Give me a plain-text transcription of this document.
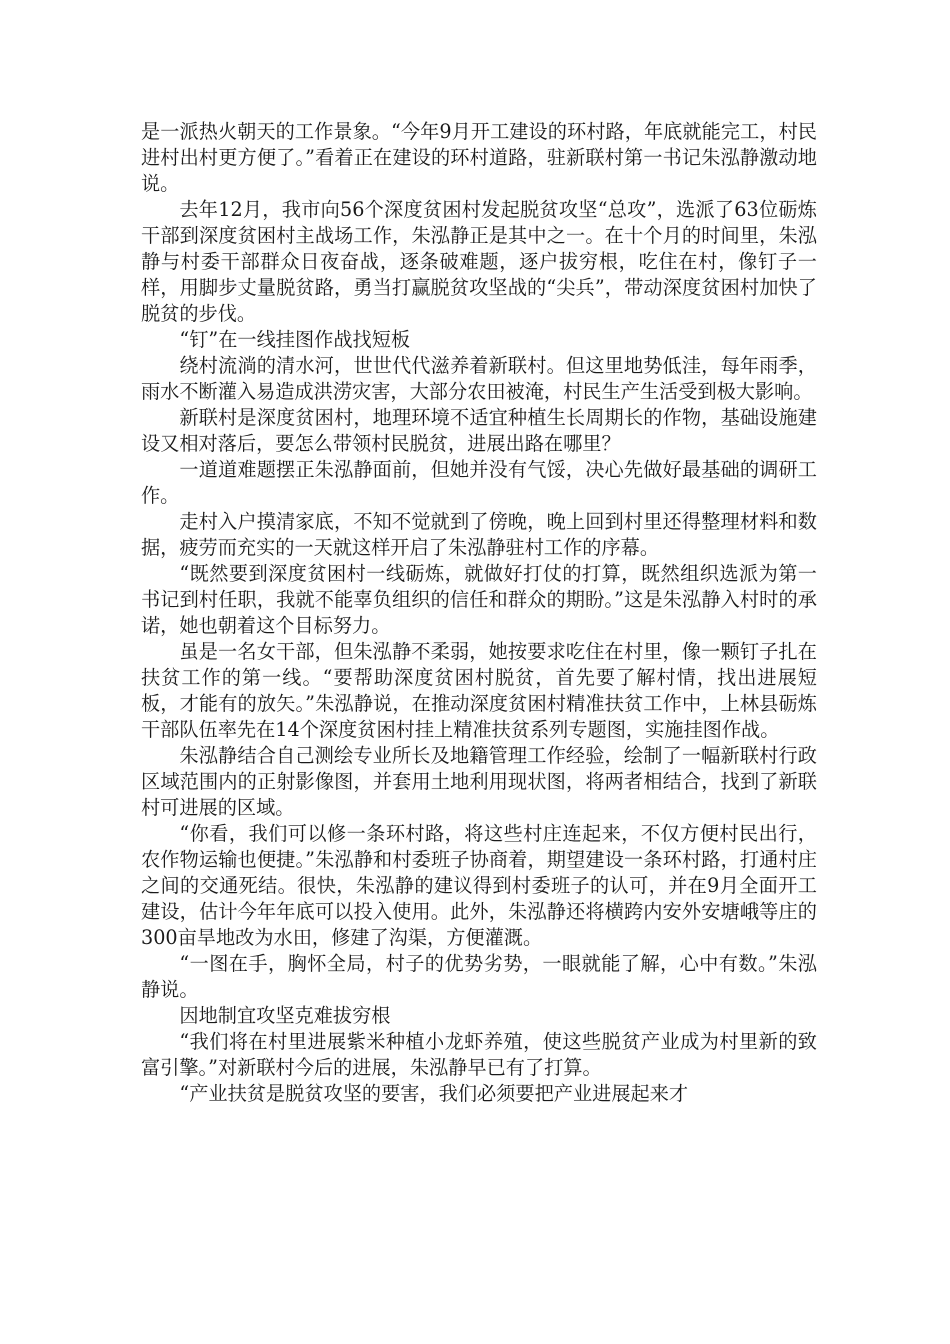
是一派热火朝天的工作景象。“今年9月开工建设的环村路，年底就能完工，村民进村出村更方便了。”看着正在建设的环村道路，驻新联村第一书记朱泓静激动地说。

去年12月，我市向56个深度贫困村发起脱贫攻坚“总攻”，选派了63位砺炼干部到深度贫困村主战场工作，朱泓静正是其中之一。在十个月的时间里，朱泓静与村委干部群众日夜奋战，逐条破难题，逐户拔穷根，吃住在村，像钉子一样，用脚步丈量脱贫路，勇当打赢脱贫攻坚战的“尖兵”，带动深度贫困村加快了脱贫的步伐。

“钉”在一线挂图作战找短板

绕村流淌的清水河，世世代代滋养着新联村。但这里地势低洼，每年雨季，雨水不断灌入易造成洪涝灾害，大部分农田被淹，村民生产生活受到极大影响。

新联村是深度贫困村，地理环境不适宜种植生长周期长的作物，基础设施建设又相对落后，要怎么带领村民脱贫，进展出路在哪里？

一道道难题摆正朱泓静面前，但她并没有气馁，决心先做好最基础的调研工作。

走村入户摸清家底，不知不觉就到了傍晚，晚上回到村里还得整理材料和数据，疲劳而充实的一天就这样开启了朱泓静驻村工作的序幕。

“既然要到深度贫困村一线砺炼，就做好打仗的打算，既然组织选派为第一书记到村任职，我就不能辜负组织的信任和群众的期盼。”这是朱泓静入村时的承诺，她也朝着这个目标努力。

虽是一名女干部，但朱泓静不柔弱，她按要求吃住在村里，像一颗钉子扎在扶贫工作的第一线。“要帮助深度贫困村脱贫，首先要了解村情，找出进展短板，才能有的放矢。”朱泓静说，在推动深度贫困村精准扶贫工作中，上林县砺炼干部队伍率先在14个深度贫困村挂上精准扶贫系列专题图，实施挂图作战。

朱泓静结合自己测绘专业所长及地籍管理工作经验，绘制了一幅新联村行政区域范围内的正射影像图，并套用土地利用现状图，将两者相结合，找到了新联村可进展的区域。

“你看，我们可以修一条环村路，将这些村庄连起来，不仅方便村民出行，农作物运输也便捷。”朱泓静和村委班子协商着，期望建设一条环村路，打通村庄之间的交通死结。很快，朱泓静的建议得到村委班子的认可，并在9月全面开工建设，估计今年年底可以投入使用。此外，朱泓静还将横跨内安外安塘峨等庄的300亩旱地改为水田，修建了沟渠，方便灌溉。

“一图在手，胸怀全局，村子的优势劣势，一眼就能了解，心中有数。”朱泓静说。

因地制宜攻坚克难拔穷根

“我们将在村里进展紫米种植小龙虾养殖，使这些脱贫产业成为村里新的致富引擎。”对新联村今后的进展，朱泓静早已有了打算。

“产业扶贫是脱贫攻坚的要害，我们必须要把产业进展起来才
